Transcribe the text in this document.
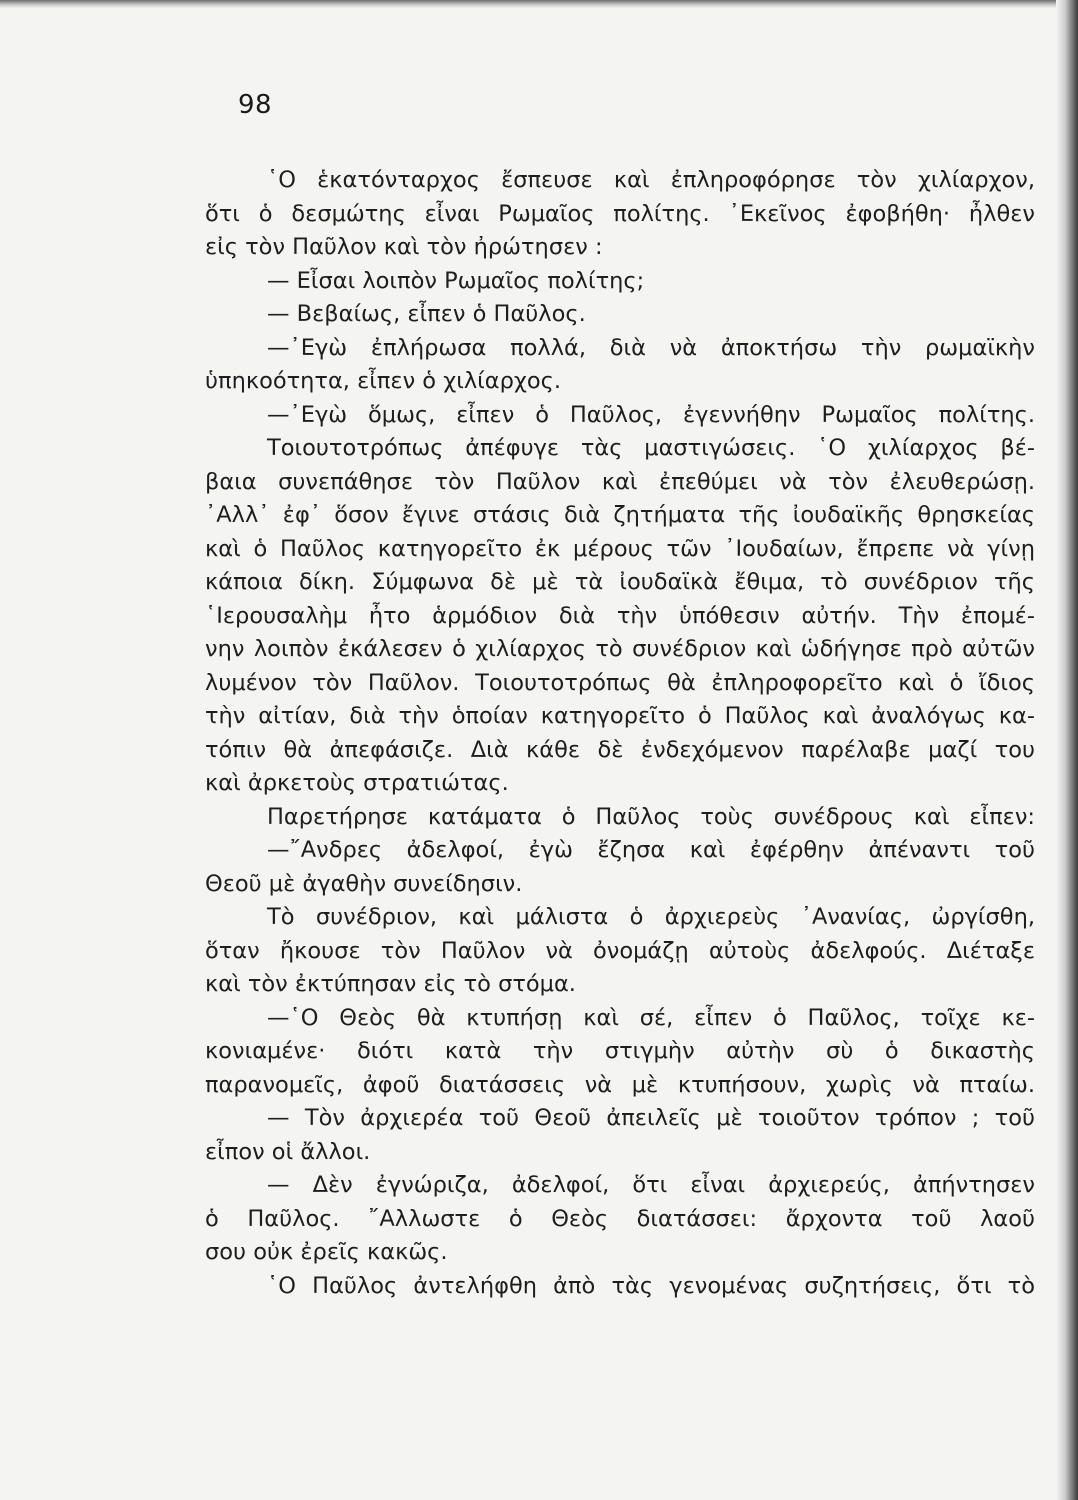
98
῾Ο ἑκατόνταρχος ἔσπευσε καὶ ἐπληροφόρησε τὸν χιλίαρχον,
ὅτι ὁ δεσμώτης εἶναι Ρωμαῖος πολίτης. ᾽Εκεῖνος ἐφοβήθη· ἦλθεν
εἰς τὸν Παῦλον καὶ τὸν ἠρώτησεν :
— Εἶσαι λοιπὸν Ρωμαῖος πολίτης;
— Βεβαίως, εἶπεν ὁ Παῦλος.
—᾽Εγὼ ἐπλήρωσα πολλά, διὰ νὰ ἀποκτήσω τὴν ρωμαϊκὴν
ὑπηκοότητα, εἶπεν ὁ χιλίαρχος.
—᾽Εγὼ ὅμως, εἶπεν ὁ Παῦλος, ἐγεννήθην Ρωμαῖος πολίτης.
Τοιουτοτρόπως ἀπέφυγε τὰς μαστιγώσεις. ῾Ο χιλίαρχος βέ-
βαια συνεπάθησε τὸν Παῦλον καὶ ἐπεθύμει νὰ τὸν ἐλευθερώσῃ.
᾽Αλλ᾽ ἐφ᾽ ὅσον ἔγινε στάσις διὰ ζητήματα τῆς ἰουδαϊκῆς θρησκείας
καὶ ὁ Παῦλος κατηγορεῖτο ἐκ μέρους τῶν ᾽Ιουδαίων, ἔπρεπε νὰ γίνῃ
κάποια δίκη. Σύμφωνα δὲ μὲ τὰ ἰουδαϊκὰ ἔθιμα, τὸ συνέδριον τῆς
῾Ιερουσαλὴμ ἦτο ἁρμόδιον διὰ τὴν ὑπόθεσιν αὐτήν. Τὴν ἐπομέ-
νην λοιπὸν ἐκάλεσεν ὁ χιλίαρχος τὸ συνέδριον καὶ ὡδήγησε πρὸ αὐτῶν
λυμένον τὸν Παῦλον. Τοιουτοτρόπως θὰ ἐπληροφορεῖτο καὶ ὁ ἴδιος
τὴν αἰτίαν, διὰ τὴν ὁποίαν κατηγορεῖτο ὁ Παῦλος καὶ ἀναλόγως κα-
τόπιν θὰ ἀπεφάσιζε. Διὰ κάθε δὲ ἐνδεχόμενον παρέλαβε μαζί του
καὶ ἀρκετοὺς στρατιώτας.
Παρετήρησε κατάματα ὁ Παῦλος τοὺς συνέδρους καὶ εἶπεν:
—῎Ανδρες ἀδελφοί, ἐγὼ ἔζησα καὶ ἐφέρθην ἀπέναντι τοῦ
Θεοῦ μὲ ἀγαθὴν συνείδησιν.
Τὸ συνέδριον, καὶ μάλιστα ὁ ἀρχιερεὺς ᾽Ανανίας, ὠργίσθη,
ὅταν ἤκουσε τὸν Παῦλον νὰ ὀνομάζῃ αὐτοὺς ἀδελφούς. Διέταξε
καὶ τὸν ἐκτύπησαν εἰς τὸ στόμα.
—῾Ο Θεὸς θὰ κτυπήσῃ καὶ σέ, εἶπεν ὁ Παῦλος, τοῖχε κε-
κονιαμένε· διότι κατὰ τὴν στιγμὴν αὐτὴν σὺ ὁ δικαστὴς
παρανομεῖς, ἀφοῦ διατάσσεις νὰ μὲ κτυπήσουν, χωρὶς νὰ πταίω.
— Τὸν ἀρχιερέα τοῦ Θεοῦ ἀπειλεῖς μὲ τοιοῦτον τρόπον ; τοῦ
εἶπον οἱ ἄλλοι.
— Δὲν ἐγνώριζα, ἀδελφοί, ὅτι εἶναι ἀρχιερεύς, ἀπήντησεν
ὁ Παῦλος. ῎Αλλωστε ὁ Θεὸς διατάσσει: ἄρχοντα τοῦ λαοῦ
σου οὐκ ἐρεῖς κακῶς.
῾Ο Παῦλος ἀντελήφθη ἀπὸ τὰς γενομένας συζητήσεις, ὅτι τὸ
